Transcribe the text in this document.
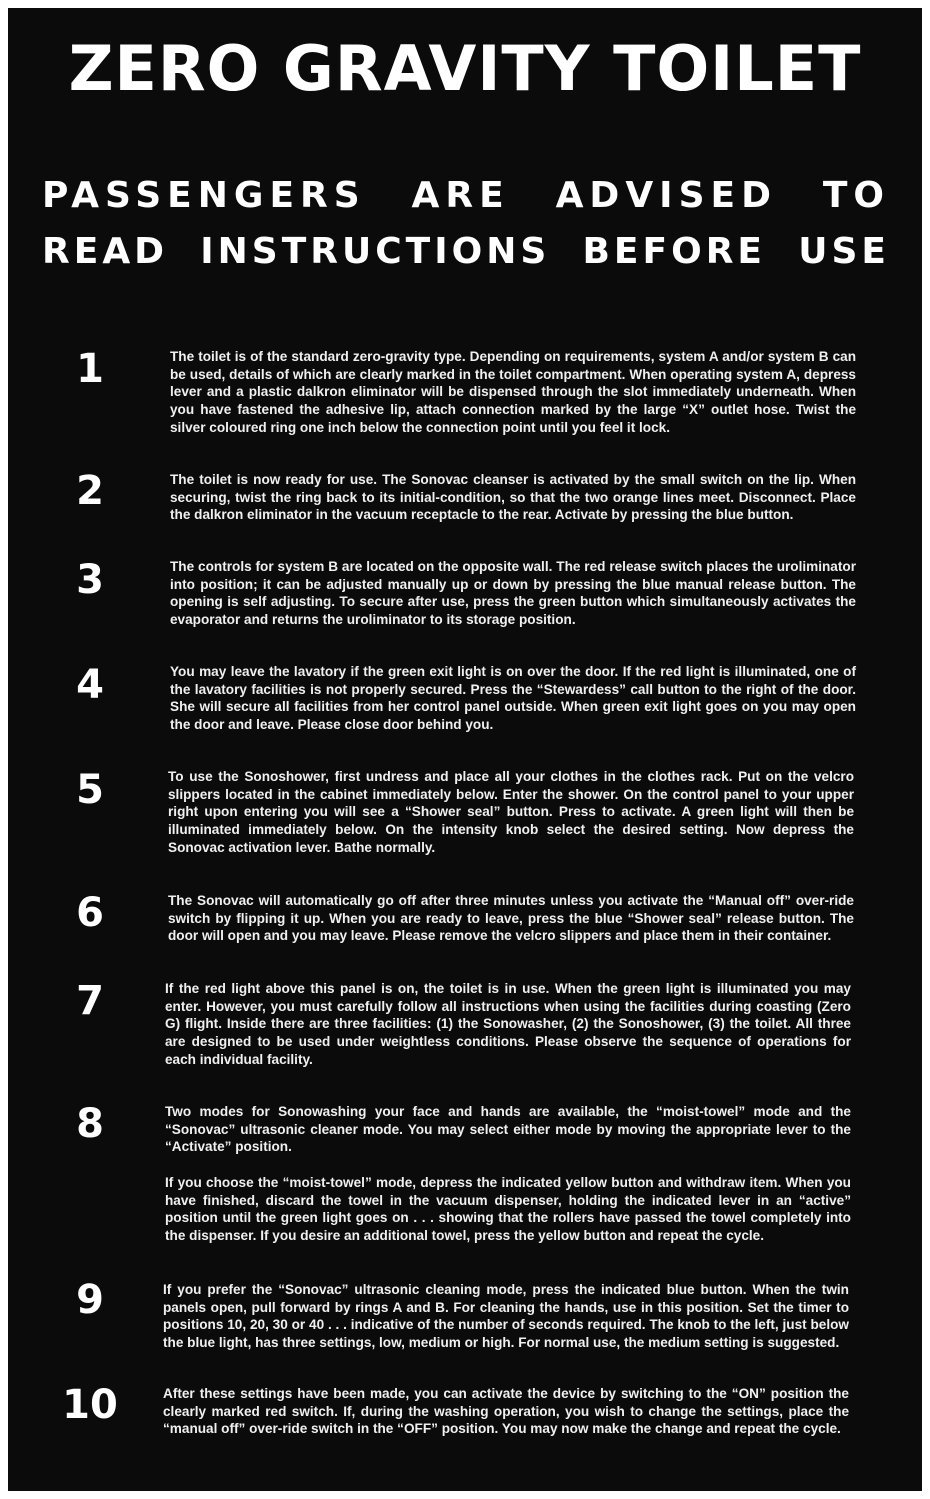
ZERO GRAVITY TOILET
PASSENGERS ARE ADVISED TO
READ INSTRUCTIONS BEFORE USE
1	The toilet is of the standard zero-gravity type. Depending on requirements, system A and/or system B can be used, details of which are clearly marked in the toilet compartment. When operating system A, depress lever and a plastic dalkron eliminator will be dispensed through the slot immediately underneath. When you have fastened the adhesive lip, attach connection marked by the large “X” outlet hose. Twist the silver coloured ring one inch below the connection point until you feel it lock.

2	The toilet is now ready for use. The Sonovac cleanser is activated by the small switch on the lip. When securing, twist the ring back to its initial-condition, so that the two orange lines meet. Disconnect. Place the dalkron eliminator in the vacuum receptacle to the rear. Activate by pressing the blue button.

3	The controls for system B are located on the opposite wall. The red release switch places the uroliminator into position; it can be adjusted manually up or down by pressing the blue manual release button. The opening is self adjusting. To secure after use, press the green button which simultaneously activates the evaporator and returns the uroliminator to its storage position.

4	You may leave the lavatory if the green exit light is on over the door. If the red light is illuminated, one of the lavatory facilities is not properly secured. Press the “Stewardess” call button to the right of the door. She will secure all facilities from her control panel outside. When green exit light goes on you may open the door and leave. Please close door behind you.

5	To use the Sonoshower, first undress and place all your clothes in the clothes rack. Put on the velcro slippers located in the cabinet immediately below. Enter the shower. On the control panel to your upper right upon entering you will see a “Shower seal” button. Press to activate. A green light will then be illuminated immediately below. On the intensity knob select the desired setting. Now depress the Sonovac activation lever. Bathe normally.

6	The Sonovac will automatically go off after three minutes unless you activate the “Manual off” over-ride switch by flipping it up. When you are ready to leave, press the blue “Shower seal” release button. The door will open and you may leave. Please remove the velcro slippers and place them in their container.

7	If the red light above this panel is on, the toilet is in use. When the green light is illuminated you may enter. However, you must carefully follow all instructions when using the facilities during coasting (Zero G) flight. Inside there are three facilities: (1) the Sonowasher, (2) the Sonoshower, (3) the toilet. All three are designed to be used under weightless conditions. Please observe the sequence of operations for each individual facility.

8	Two modes for Sonowashing your face and hands are available, the “moist-towel” mode and the “Sonovac” ultrasonic cleaner mode. You may select either mode by moving the appropriate lever to the “Activate” position.

If you choose the “moist-towel” mode, depress the indicated yellow button and withdraw item. When you have finished, discard the towel in the vacuum dispenser, holding the indicated lever in an “active” position until the green light goes on . . . showing that the rollers have passed the towel completely into the dispenser. If you desire an additional towel, press the yellow button and repeat the cycle.

9	If you prefer the “Sonovac” ultrasonic cleaning mode, press the indicated blue button. When the twin panels open, pull forward by rings A and B. For cleaning the hands, use in this position. Set the timer to positions 10, 20, 30 or 40 . . . indicative of the number of seconds required. The knob to the left, just below the blue light, has three settings, low, medium or high. For normal use, the medium setting is suggested.

10	After these settings have been made, you can activate the device by switching to the “ON” position the clearly marked red switch. If, during the washing operation, you wish to change the settings, place the “manual off” over-ride switch in the “OFF” position. You may now make the change and repeat the cycle.
